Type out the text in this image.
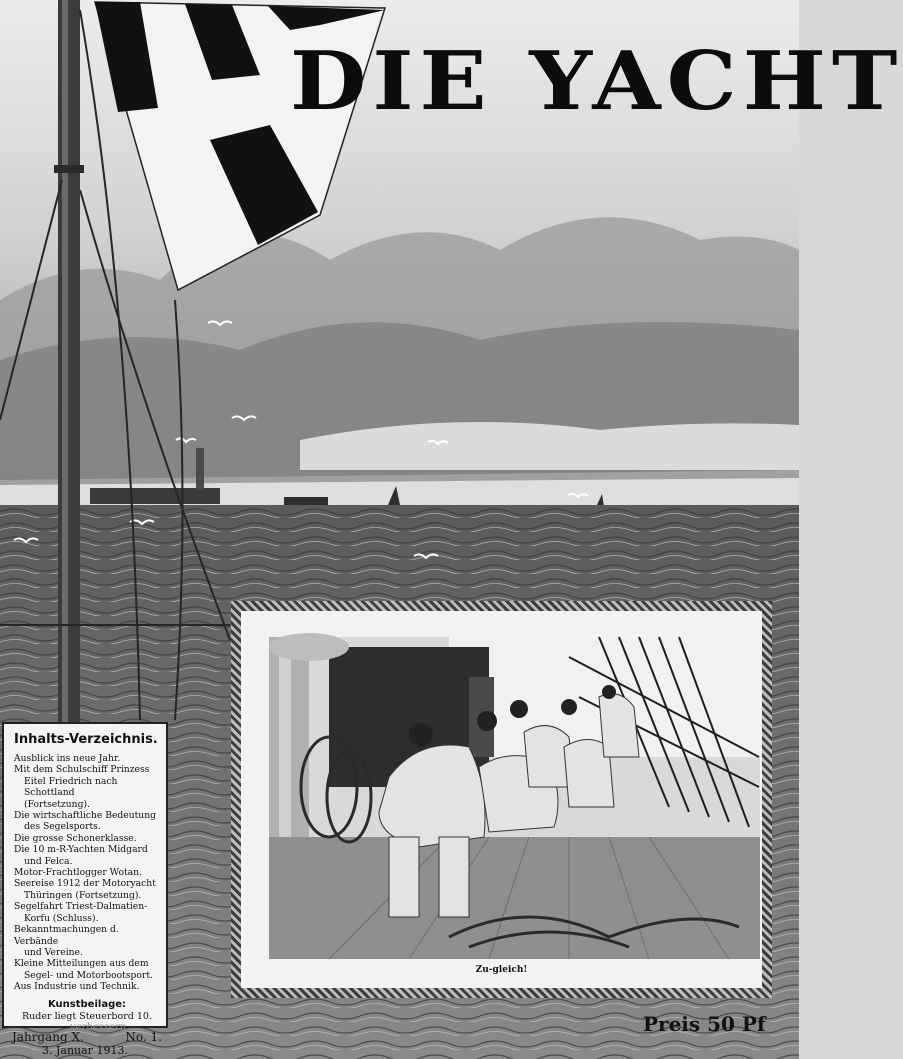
DIE YACHT
Zu-gleich!
Inhalts-Verzeichnis.
Ausblick ins neue Jahr.
Mit dem Schulschiff Prinzess
Eitel Friedrich nach Schottland
(Fortsetzung).
Die wirtschaftliche Bedeutung
des Segelsports.
Die grosse Schonerklasse.
Die 10 m-R-Yachten Midgard
und Felca.
Motor-Frachtlogger Wotan.
Seereise 1912 der Motoryacht
Thüringen (Fortsetzung).
Segelfahrt Triest-Dalmatien-
Korfu (Schluss).
Bekanntmachungen d. Verbände
und Vereine.
Kleine Mitteilungen aus dem
Segel- und Motorbootsport.
Aus Industrie und Technik.
Kunstbeilage:
Ruder liegt Steuerbord 10.
verbessern
Jahrgang X.	No. 1.
3. Januar 1913.
Preis 50 Pf
